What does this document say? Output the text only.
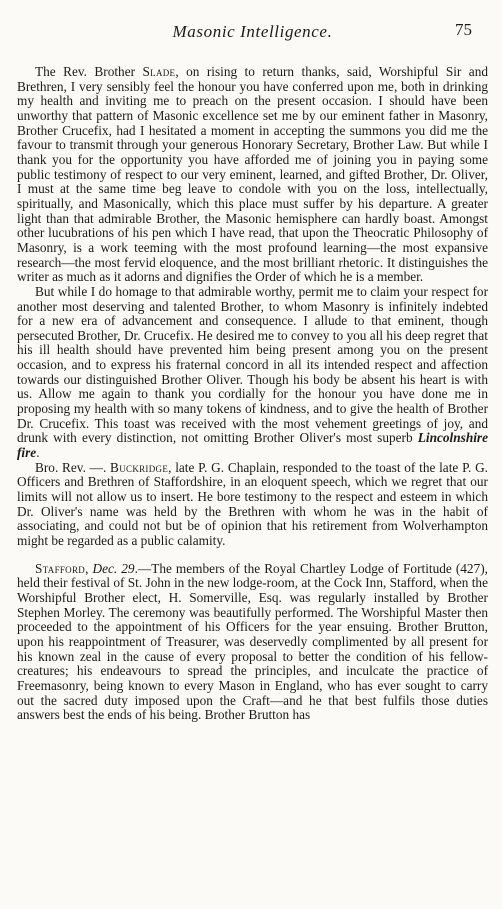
Masonic Intelligence.	75

The Rev. Brother Slade, on rising to return thanks, said, Worshipful Sir and Brethren, I very sensibly feel the honour you have conferred upon me, both in drinking my health and inviting me to preach on the present occasion. I should have been unworthy that pattern of Masonic excellence set me by our eminent father in Masonry, Brother Crucefix, had I hesitated a moment in accepting the summons you did me the favour to transmit through your generous Honorary Secretary, Brother Law. But while I thank you for the opportunity you have afforded me of joining you in paying some public testimony of respect to our very eminent, learned, and gifted Brother, Dr. Oliver, I must at the same time beg leave to condole with you on the loss, intellectually, spiritually, and Masonically, which this place must suffer by his departure. A greater light than that admirable Brother, the Masonic hemisphere can hardly boast. Amongst other lucubrations of his pen which I have read, that upon the Theocratic Philosophy of Masonry, is a work teeming with the most profound learning—the most expansive research—the most fervid eloquence, and the most brilliant rhetoric. It distinguishes the writer as much as it adorns and dignifies the Order of which he is a member.

But while I do homage to that admirable worthy, permit me to claim your respect for another most deserving and talented Brother, to whom Masonry is infinitely indebted for a new era of advancement and consequence. I allude to that eminent, though persecuted Brother, Dr. Crucefix. He desired me to convey to you all his deep regret that his ill health should have prevented him being present among you on the present occasion, and to express his fraternal concord in all its intended respect and affection towards our distinguished Brother Oliver. Though his body be absent his heart is with us. Allow me again to thank you cordially for the honour you have done me in proposing my health with so many tokens of kindness, and to give the health of Brother Dr. Crucefix. This toast was received with the most vehement greetings of joy, and drunk with every distinction, not omitting Brother Oliver's most superb Lincolnshire fire.

Bro. Rev. —. Buckridge, late P. G. Chaplain, responded to the toast of the late P. G. Officers and Brethren of Staffordshire, in an eloquent speech, which we regret that our limits will not allow us to insert. He bore testimony to the respect and esteem in which Dr. Oliver's name was held by the Brethren with whom he was in the habit of associating, and could not but be of opinion that his retirement from Wolverhampton might be regarded as a public calamity.

Stafford, Dec. 29.—The members of the Royal Chartley Lodge of Fortitude (427), held their festival of St. John in the new lodge-room, at the Cock Inn, Stafford, when the Worshipful Brother elect, H. Somerville, Esq. was regularly installed by Brother Stephen Morley. The ceremony was beautifully performed. The Worshipful Master then proceeded to the appointment of his Officers for the year ensuing. Brother Brutton, upon his reappointment of Treasurer, was deservedly complimented by all present for his known zeal in the cause of every proposal to better the condition of his fellow-creatures; his endeavours to spread the principles, and inculcate the practice of Freemasonry, being known to every Mason in England, who has ever sought to carry out the sacred duty imposed upon the Craft—and he that best fulfils those duties answers best the ends of his being. Brother Brutton has
